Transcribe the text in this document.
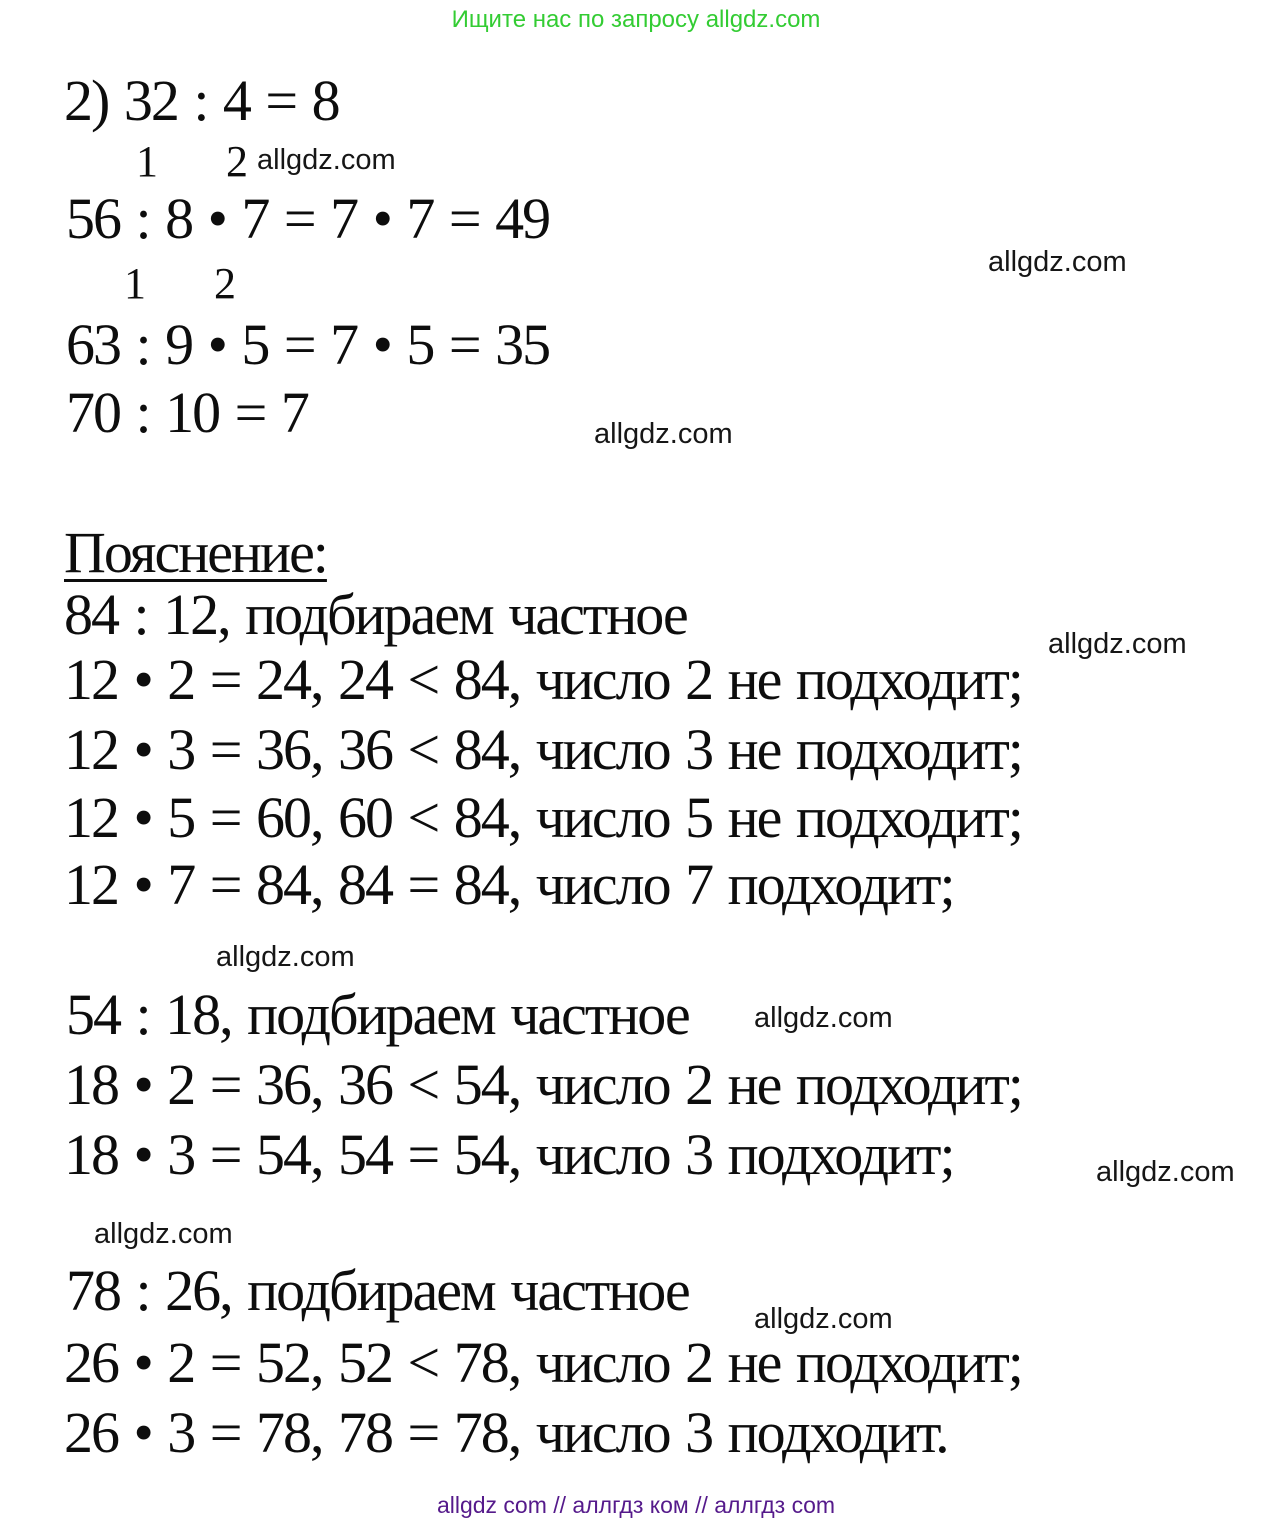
Ищите нас по запросу allgdz.com
2) 32 : 4 = 8
1 2 allgdz.com
56 : 8 • 7 = 7 • 7 = 49
allgdz.com
1 2
63 : 9 • 5 = 7 • 5 = 35
70 : 10 = 7	allgdz.com
Пояснение:
84 : 12, подбираем частное	allgdz.com
12 • 2 = 24, 24 < 84, число 2 не подходит;
12 • 3 = 36, 36 < 84, число 3 не подходит;
12 • 5 = 60, 60 < 84, число 5 не подходит;
12 • 7 = 84, 84 = 84, число 7 подходит;
allgdz.com
54 : 18, подбираем частное allgdz.com
18 • 2 = 36, 36 < 54, число 2 не подходит;
18 • 3 = 54, 54 = 54, число 3 подходит;	allgdz.com
allgdz.com
78 : 26, подбираем частное allgdz.com
26 • 2 = 52, 52 < 78, число 2 не подходит;
26 • 3 = 78, 78 = 78, число 3 подходит.
allgdz com // аллгдз ком // аллгдз com
